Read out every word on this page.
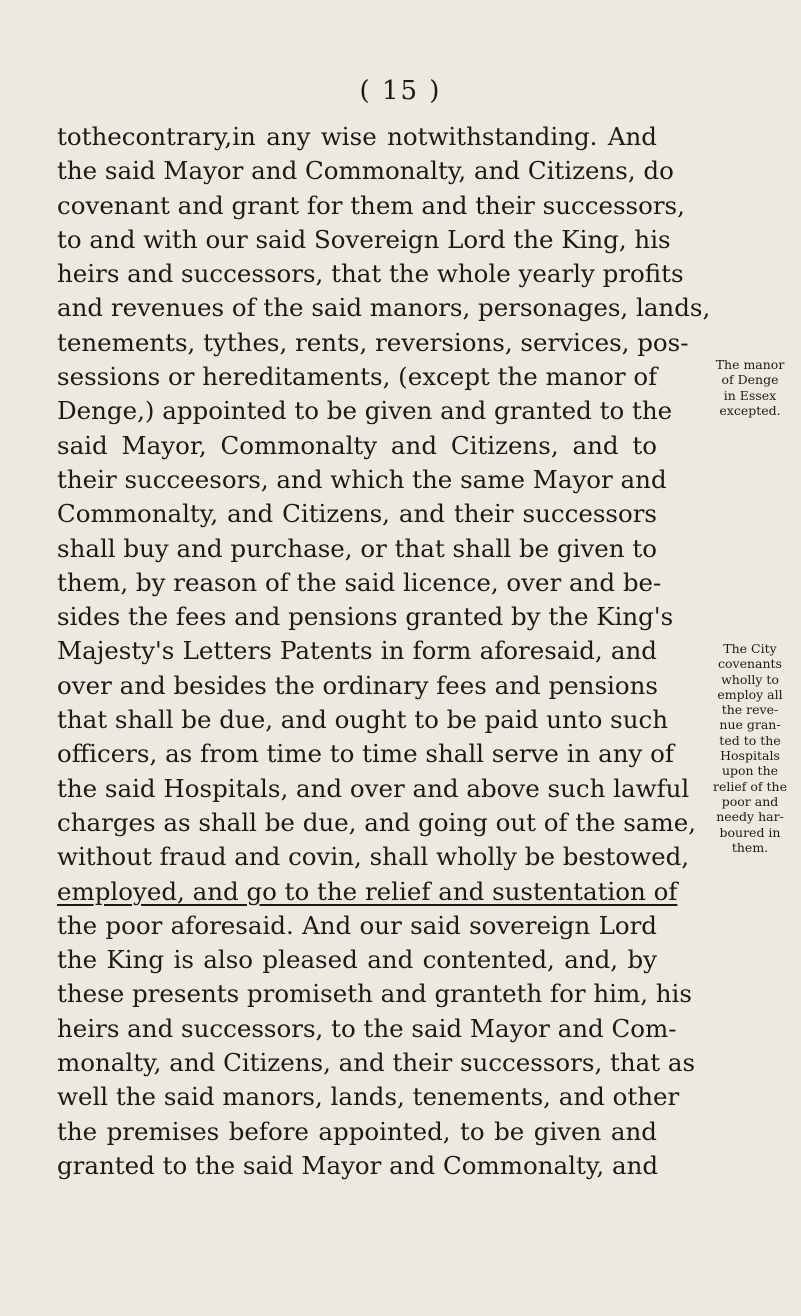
( 15 )
tothecontrary,in any wise notwithstanding. And
the said Mayor and Commonalty, and Citizens, do
covenant and grant for them and their successors,
to and with our said Sovereign Lord the King, his
heirs and successors, that the whole yearly profits
and revenues of the said manors, personages, lands,
tenements, tythes, rents, reversions, services, pos-
sessions or hereditaments, (except the manor of
Denge,) appointed to be given and granted to the
said Mayor, Commonalty and Citizens, and to
their succeesors, and which the same Mayor and
Commonalty, and Citizens, and their successors
shall buy and purchase, or that shall be given to
them, by reason of the said licence, over and be-
sides the fees and pensions granted by the King's
Majesty's Letters Patents in form aforesaid, and
over and besides the ordinary fees and pensions
that shall be due, and ought to be paid unto such
officers, as from time to time shall serve in any of
the said Hospitals, and over and above such lawful
charges as shall be due, and going out of the same,
without fraud and covin, shall wholly be bestowed,
employed, and go to the relief and sustentation of
the poor aforesaid. And our said sovereign Lord
the King is also pleased and contented, and, by
these presents promiseth and granteth for him, his
heirs and successors, to the said Mayor and Com-
monalty, and Citizens, and their successors, that as
well the said manors, lands, tenements, and other
the premises before appointed, to be given and
granted to the said Mayor and Commonalty, and
The manor
of Denge
in Essex
excepted.
The City
covenants
wholly to
employ all
the reve-
nue gran-
ted to the
Hospitals
upon the
relief of the
poor and
needy har-
boured in
them.
